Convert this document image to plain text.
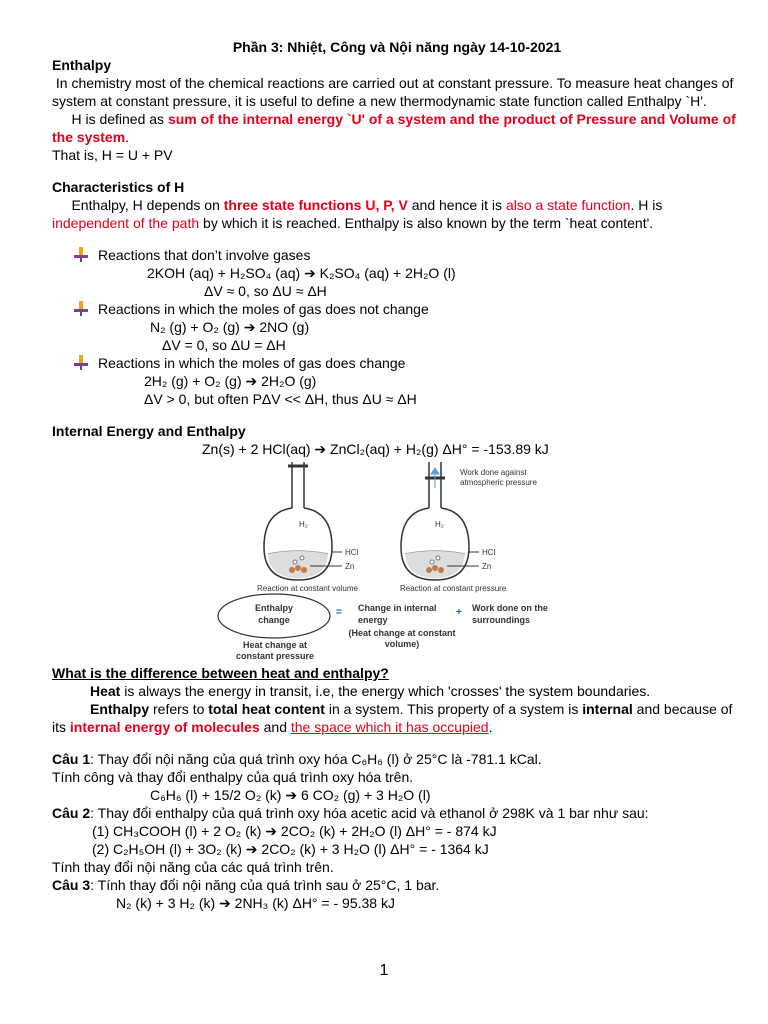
Phần 3: Nhiệt, Công và Nội năng ngày 14-10-2021

Enthalpy

In chemistry most of the chemical reactions are carried out at constant pressure. To measure heat changes of system at constant pressure, it is useful to define a new thermodynamic state function called Enthalpy `H'.

H is defined as sum of the internal energy `U' of a system and the product of Pressure and Volume of the system.

That is, H = U + PV

Characteristics of H

Enthalpy, H depends on three state functions U, P, V and hence it is also a state function. H is independent of the path by which it is reached. Enthalpy is also known by the term `heat content'.

Reactions that don’t involve gases

2KOH (aq) + H₂SO₄ (aq) ➔ K₂SO₄ (aq) + 2H₂O (l)

ΔV ≈ 0, so ΔU ≈ ΔH

Reactions in which the moles of gas does not change

N₂ (g) + O₂ (g) ➔ 2NO (g)

ΔV = 0, so ΔU = ΔH

Reactions in which the moles of gas does change

2H₂ (g) + O₂ (g) ➔ 2H₂O (g)

ΔV > 0, but often PΔV << ΔH, thus ΔU ≈ ΔH

Internal Energy and Enthalpy

Zn(s) + 2 HCl(aq) ➔ ZnCl₂(aq) + H₂(g) ΔH° = -153.89 kJ

H₂	H₂
HCl
Zn
HCl
Zn
Work done against
atmospheric pressure
Reaction at constant volume	Reaction at constant pressure
Enthalpy
change
= Change in internal
energy
+ Work done on the
surroundings
Heat change at
constant pressure
(Heat change at constant
volume)

What is the difference between heat and enthalpy?

Heat is always the energy in transit, i.e, the energy which 'crosses' the system boundaries.

Enthalpy refers to total heat content in a system. This property of a system is internal and because of its internal energy of molecules and the space which it has occupied.

Câu 1: Thay đổi nội năng của quá trình oxy hóa C₆H₆ (l) ở 25°C là -781.1 kCal.

Tính công và thay đổi enthalpy của quá trình oxy hóa trên.

C₆H₆ (l) + 15/2 O₂ (k) ➔ 6 CO₂ (g) + 3 H₂O (l)

Câu 2: Thay đổi enthalpy của quá trình oxy hóa acetic acid và ethanol ở 298K và 1 bar như sau:

(1) CH₃COOH (l) + 2 O₂ (k) ➔ 2CO₂ (k) + 2H₂O (l) ΔH° = - 874 kJ

(2) C₂H₅OH (l) + 3O₂ (k) ➔ 2CO₂ (k) + 3 H₂O (l) ΔH° = - 1364 kJ

Tính thay đổi nội năng của các quá trình trên.

Câu 3: Tính thay đổi nội năng của quá trình sau ở 25°C, 1 bar.

N₂ (k) + 3 H₂ (k) ➔ 2NH₃ (k) ΔH° = - 95.38 kJ

1
